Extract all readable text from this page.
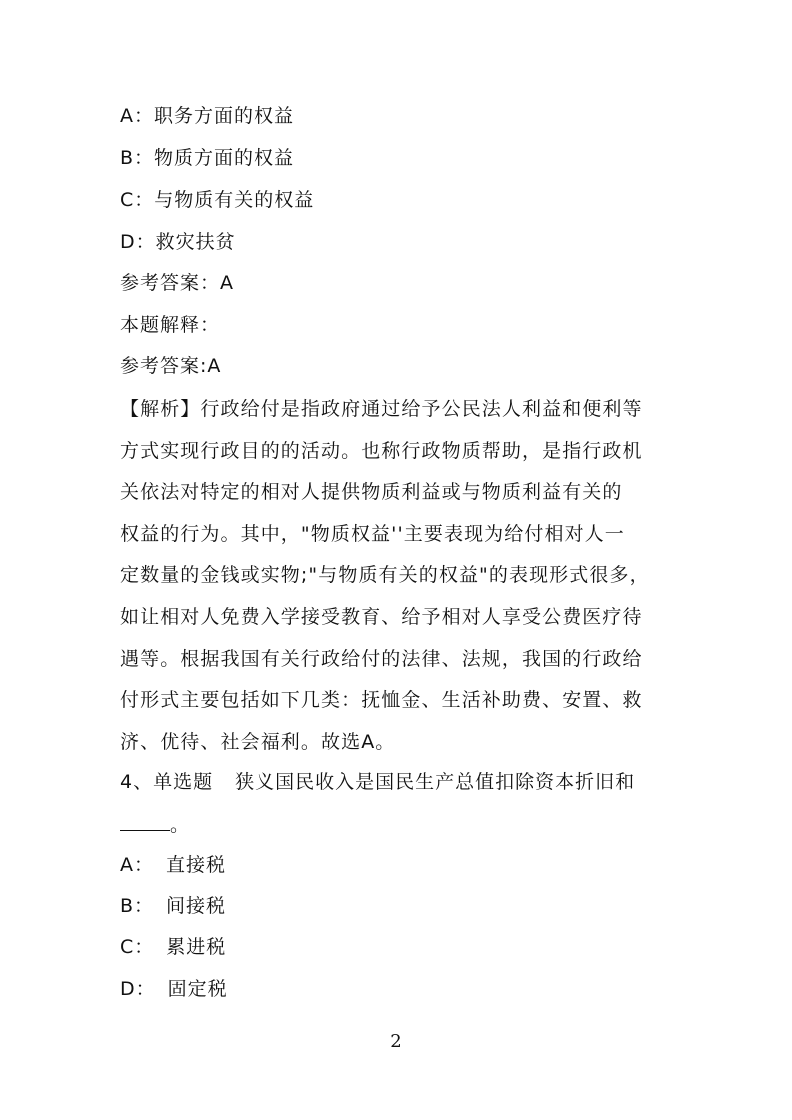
A：职务方面的权益
B：物质方面的权益
C：与物质有关的权益
D：救灾扶贫
参考答案：A
本题解释：
参考答案:A
【解析】行政给付是指政府通过给予公民法人利益和便利等
方式实现行政目的的活动。也称行政物质帮助，是指行政机
关依法对特定的相对人提供物质利益或与物质利益有关的
权益的行为。其中，"物质权益''主要表现为给付相对人一
定数量的金钱或实物;"与物质有关的权益"的表现形式很多，
如让相对人免费入学接受教育、给予相对人享受公费医疗待
遇等。根据我国有关行政给付的法律、法规，我国的行政给
付形式主要包括如下几类：抚恤金、生活补助费、安置、救
济、优待、社会福利。故选A。
4、单选题 狭义国民收入是国民生产总值扣除资本折旧和
。
A： 直接税
B： 间接税
C： 累进税
D： 固定税
2
